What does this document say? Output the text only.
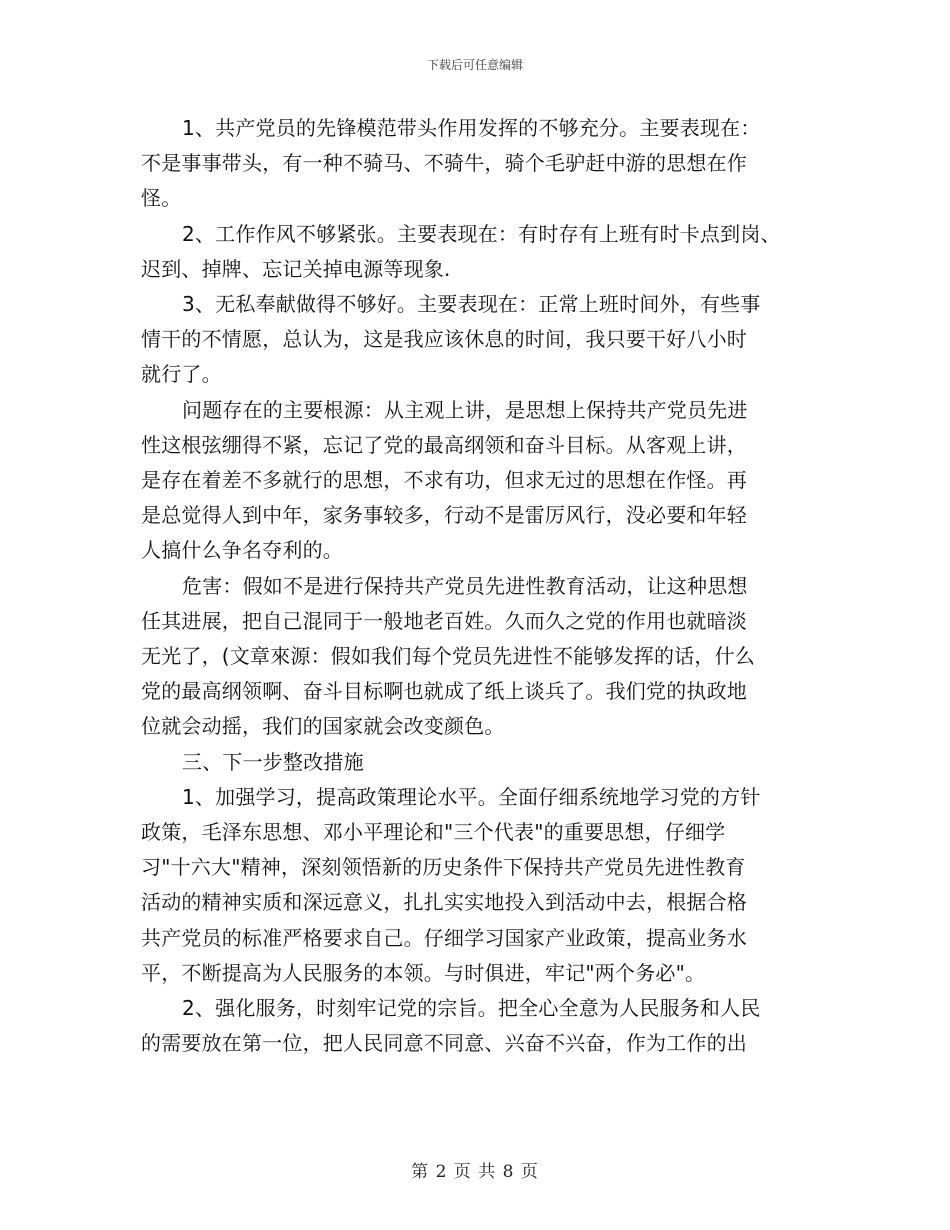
下载后可任意编辑
1、共产党员的先锋模范带头作用发挥的不够充分。主要表现在：
不是事事带头，有一种不骑马、不骑牛，骑个毛驴赶中游的思想在作
怪。
2、工作作风不够紧张。主要表现在：有时存有上班有时卡点到岗、
迟到、掉牌、忘记关掉电源等现象.
3、无私奉献做得不够好。主要表现在：正常上班时间外，有些事
情干的不情愿，总认为，这是我应该休息的时间，我只要干好八小时
就行了。
问题存在的主要根源：从主观上讲，是思想上保持共产党员先进
性这根弦绷得不紧，忘记了党的最高纲领和奋斗目标。从客观上讲，
是存在着差不多就行的思想，不求有功，但求无过的思想在作怪。再
是总觉得人到中年，家务事较多，行动不是雷厉风行，没必要和年轻
人搞什么争名夺利的。
危害：假如不是进行保持共产党员先进性教育活动，让这种思想
任其进展，把自己混同于一般地老百姓。久而久之党的作用也就暗淡
无光了，(文章來源：假如我们每个党员先进性不能够发挥的话，什么
党的最高纲领啊、奋斗目标啊也就成了纸上谈兵了。我们党的执政地
位就会动摇，我们的国家就会改变颜色。
三、下一步整改措施
1、加强学习，提高政策理论水平。全面仔细系统地学习党的方针
政策，毛泽东思想、邓小平理论和"三个代表"的重要思想，仔细学
习"十六大"精神，深刻领悟新的历史条件下保持共产党员先进性教育
活动的精神实质和深远意义，扎扎实实地投入到活动中去，根据合格
共产党员的标准严格要求自己。仔细学习国家产业政策，提高业务水
平，不断提高为人民服务的本领。与时俱进，牢记"两个务必"。
2、强化服务，时刻牢记党的宗旨。把全心全意为人民服务和人民
的需要放在第一位，把人民同意不同意、兴奋不兴奋，作为工作的出
第 2 页 共 8 页
